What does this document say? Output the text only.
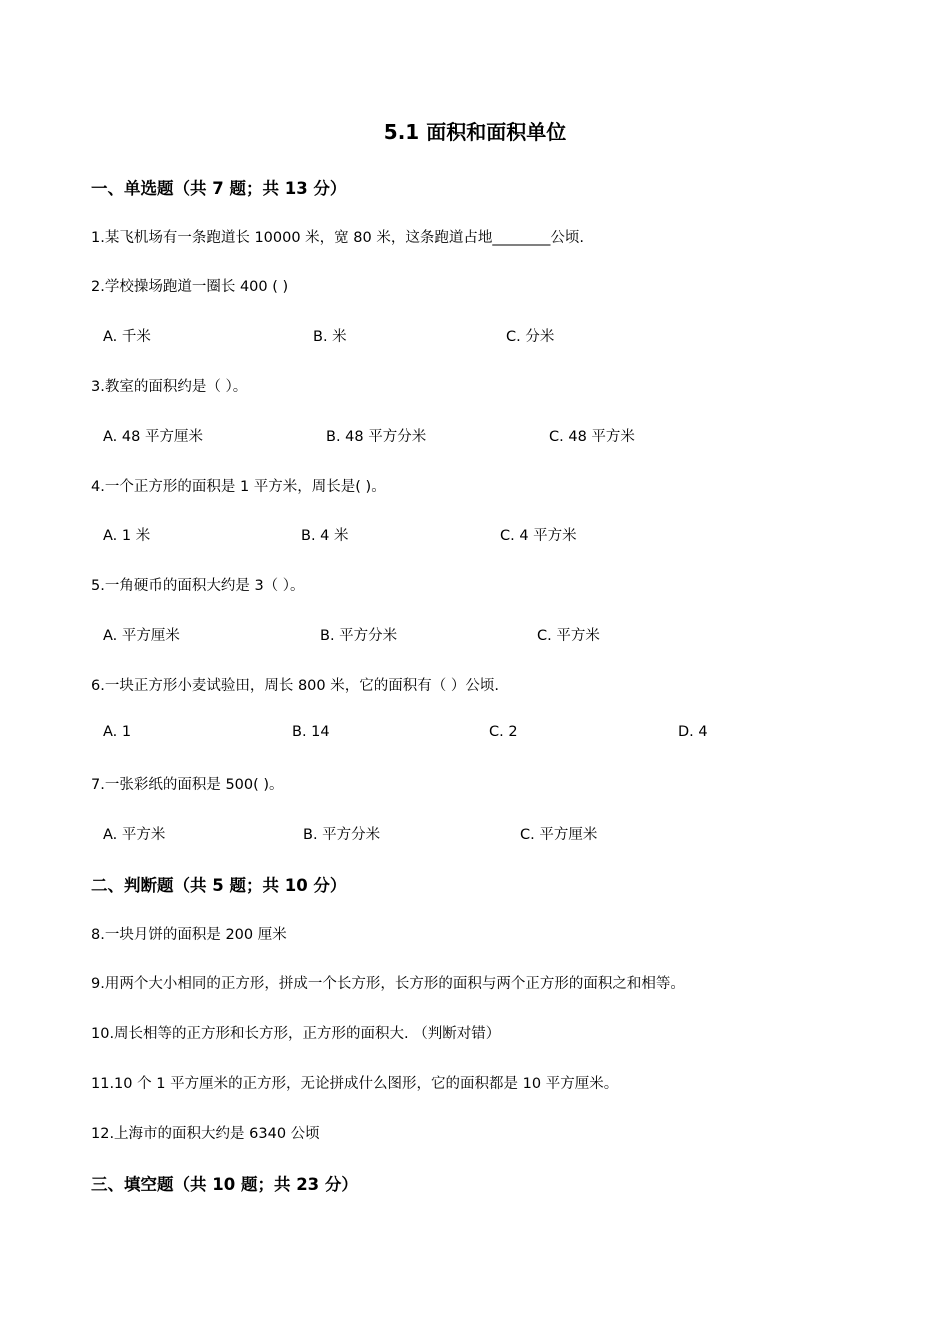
5.1 面积和面积单位
一、单选题（共 7 题；共 13 分）
1.某飞机场有一条跑道长 10000 米，宽 80 米，这条跑道占地________公顷.
2.学校操场跑道一圈长 400 ( )
A. 千米	B. 米	C. 分米
3.教室的面积约是（ ）。
A. 48 平方厘米	B. 48 平方分米	C. 48 平方米
4.一个正方形的面积是 1 平方米，周长是( )。
A. 1 米	B. 4 米	C. 4 平方米
5.一角硬币的面积大约是 3（ ）。
A. 平方厘米	B. 平方分米	C. 平方米
6.一块正方形小麦试验田，周长 800 米，它的面积有（ ）公顷.
A. 1	B. 14	C. 2	D. 4
7.一张彩纸的面积是 500( )。
A. 平方米	B. 平方分米	C. 平方厘米
二、判断题（共 5 题；共 10 分）
8.一块月饼的面积是 200 厘米
9.用两个大小相同的正方形，拼成一个长方形，长方形的面积与两个正方形的面积之和相等。
10.周长相等的正方形和长方形，正方形的面积大. （判断对错）
11.10 个 1 平方厘米的正方形，无论拼成什么图形，它的面积都是 10 平方厘米。
12.上海市的面积大约是 6340 公顷
三、填空题（共 10 题；共 23 分）
